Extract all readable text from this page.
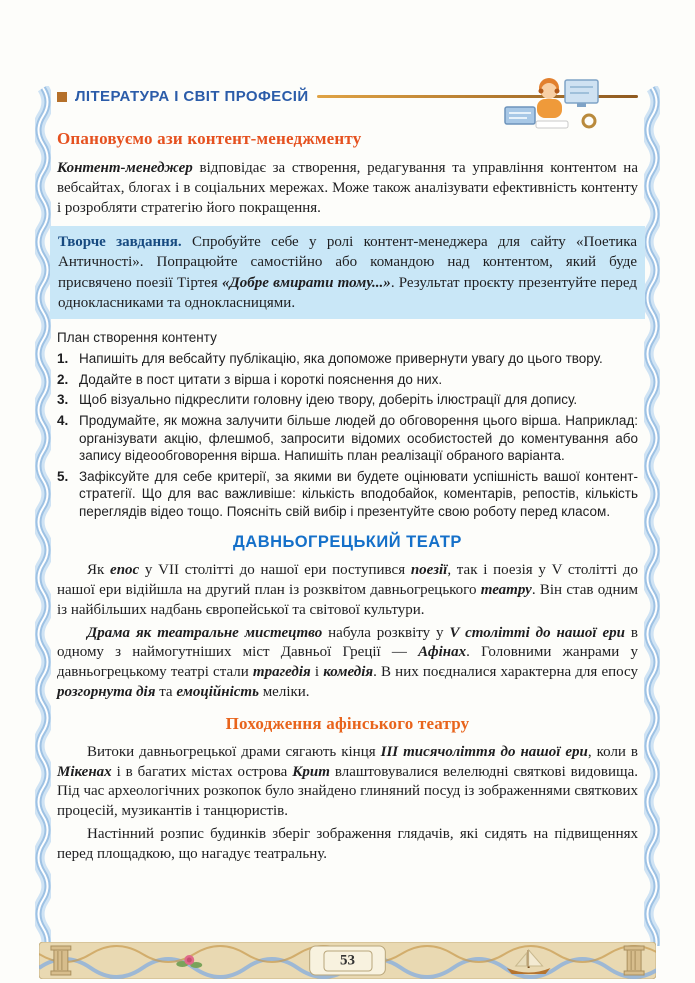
ЛІТЕРАТУРА І СВІТ ПРОФЕСІЙ
Опановуємо ази контент-менеджменту

Контент-менеджер відповідає за створення, редагування та управління контентом на вебсайтах, блогах і в соціальних мережах. Може також аналізувати ефективність контенту і розробляти стратегію його покращення.

Творче завдання. Спробуйте себе у ролі контент-менеджера для сайту «Поетика Античності». Попрацюйте самостійно або командою над контентом, який буде присвячено поезії Тіртея «Добре вмирати тому...». Результат проєкту презентуйте перед однокласниками та однокласницями.
План створення контенту
1. Напишіть для вебсайту публікацію, яка допоможе привернути увагу до цього твору.
2. Додайте в пост цитати з вірша і короткі пояснення до них.
3. Щоб візуально підкреслити головну ідею твору, доберіть ілюстрації для допису.
4. Продумайте, як можна залучити більше людей до обговорення цього вірша. Наприклад: організувати акцію, флешмоб, запросити відомих особистостей до коментування або запису відеообговорення вірша. Напишіть план реалізації обраного варіанта.
5. Зафіксуйте для себе критерії, за якими ви будете оцінювати успішність вашої контент-стратегії. Що для вас важливіше: кількість вподобайок, коментарів, репостів, кількість переглядів відео тощо. Поясніть свій вибір і презентуйте свою роботу перед класом.
ДАВНЬОГРЕЦЬКИЙ ТЕАТР

Як епос у VII столітті до нашої ери поступився поезії, так і поезія у V столітті до нашої ери відійшла на другий план із розквітом давньогрецького театру. Він став одним із найбільших надбань європейської та світової культури.

Драма як театральне мистецтво набула розквіту у V столітті до нашої ери в одному з наймогутніших міст Давньої Греції — Афінах. Головними жанрами у давньогрецькому театрі стали трагедія і комедія. В них поєдналися характерна для епосу розгорнута дія та емоційність меліки.

Походження афінського театру

Витоки давньогрецької драми сягають кінця III тисячоліття до нашої ери, коли в Мікенах і в багатих містах острова Крит влаштовувалися велелюдні святкові видовища. Під час археологічних розкопок було знайдено глиняний посуд із зображеннями святкових процесій, музикантів і танцюристів.

Настінний розпис будинків зберіг зображення глядачів, які сидять на підвищеннях перед площадкою, що нагадує театральну.

53
